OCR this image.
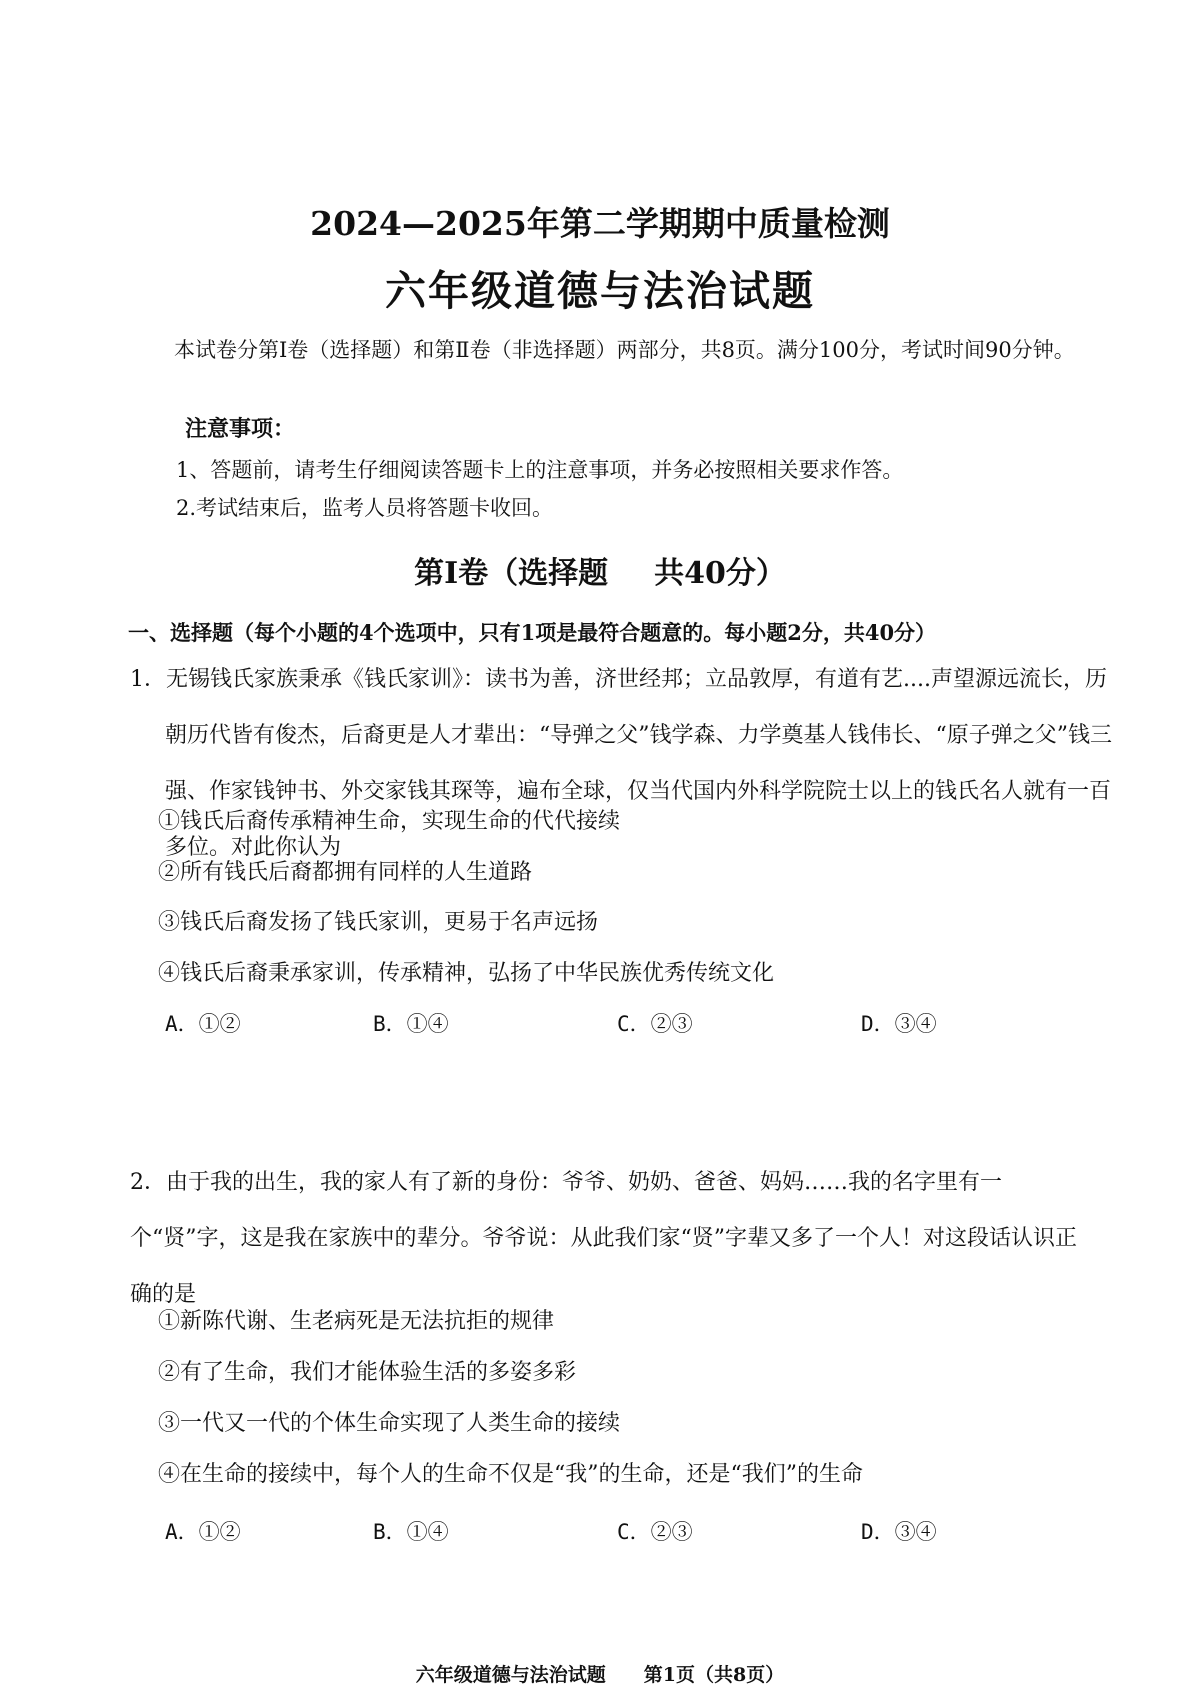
2024—2025年第二学期期中质量检测
六年级道德与法治试题
本试卷分第Ⅰ卷（选择题）和第Ⅱ卷（非选择题）两部分，共8页。满分100分，考试时间90分钟。
注意事项：
1、答题前，请考生仔细阅读答题卡上的注意事项，并务必按照相关要求作答。
2.考试结束后，监考人员将答题卡收回。
第Ⅰ卷（选择题 共40分）
一、选择题（每个小题的4个选项中，只有1项是最符合题意的。每小题2分，共40分）
1．无锡钱氏家族秉承《钱氏家训》：读书为善，济世经邦；立品敦厚，有道有艺....声望源远流长，历朝历代皆有俊杰，后裔更是人才辈出：“导弹之父”钱学森、力学奠基人钱伟长、“原子弹之父”钱三强、作家钱钟书、外交家钱其琛等，遍布全球，仅当代国内外科学院院士以上的钱氏名人就有一百多位。对此你认为
①钱氏后裔传承精神生命，实现生命的代代接续
②所有钱氏后裔都拥有同样的人生道路
③钱氏后裔发扬了钱氏家训，更易于名声远扬
④钱氏后裔秉承家训，传承精神，弘扬了中华民族优秀传统文化
A．①②	B．①④	C．②③	D．③④
2．由于我的出生，我的家人有了新的身份：爷爷、奶奶、爸爸、妈妈……我的名字里有一个“贤”字，这是我在家族中的辈分。爷爷说：从此我们家“贤”字辈又多了一个人！对这段话认识正确的是
①新陈代谢、生老病死是无法抗拒的规律
②有了生命，我们才能体验生活的多姿多彩
③一代又一代的个体生命实现了人类生命的接续
④在生命的接续中，每个人的生命不仅是“我”的生命，还是“我们”的生命
A．①②	B．①④	C．②③	D．③④
六年级道德与法治试题 第1页（共8页）
